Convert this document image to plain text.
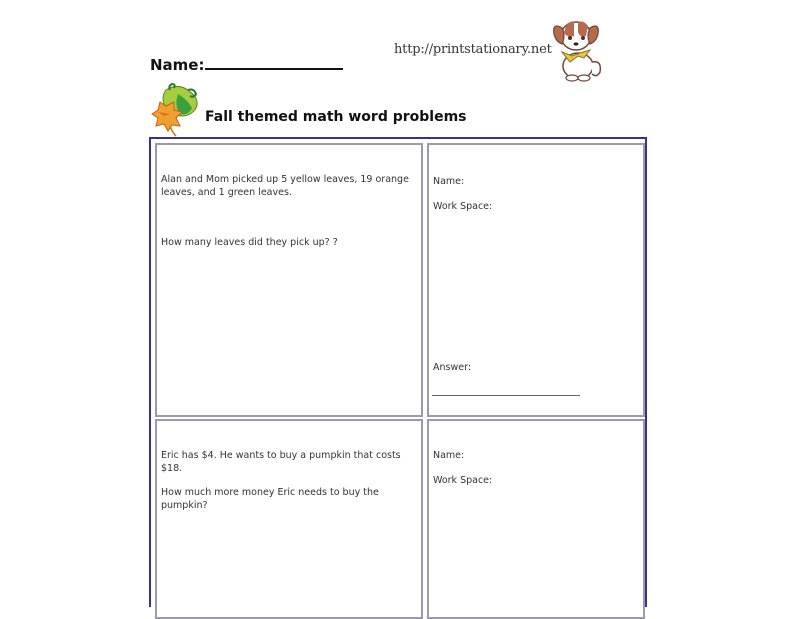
Name:
http://printstationary.net
Fall themed math word problems

Alan and Mom picked up 5 yellow leaves, 19 orange leaves, and 1 green leaves.

How many leaves did they pick up? ?

Name:

Work Space:

Answer:

Eric has $4. He wants to buy a pumpkin that costs $18.

How much more money Eric needs to buy the pumpkin?

Name:

Work Space:
